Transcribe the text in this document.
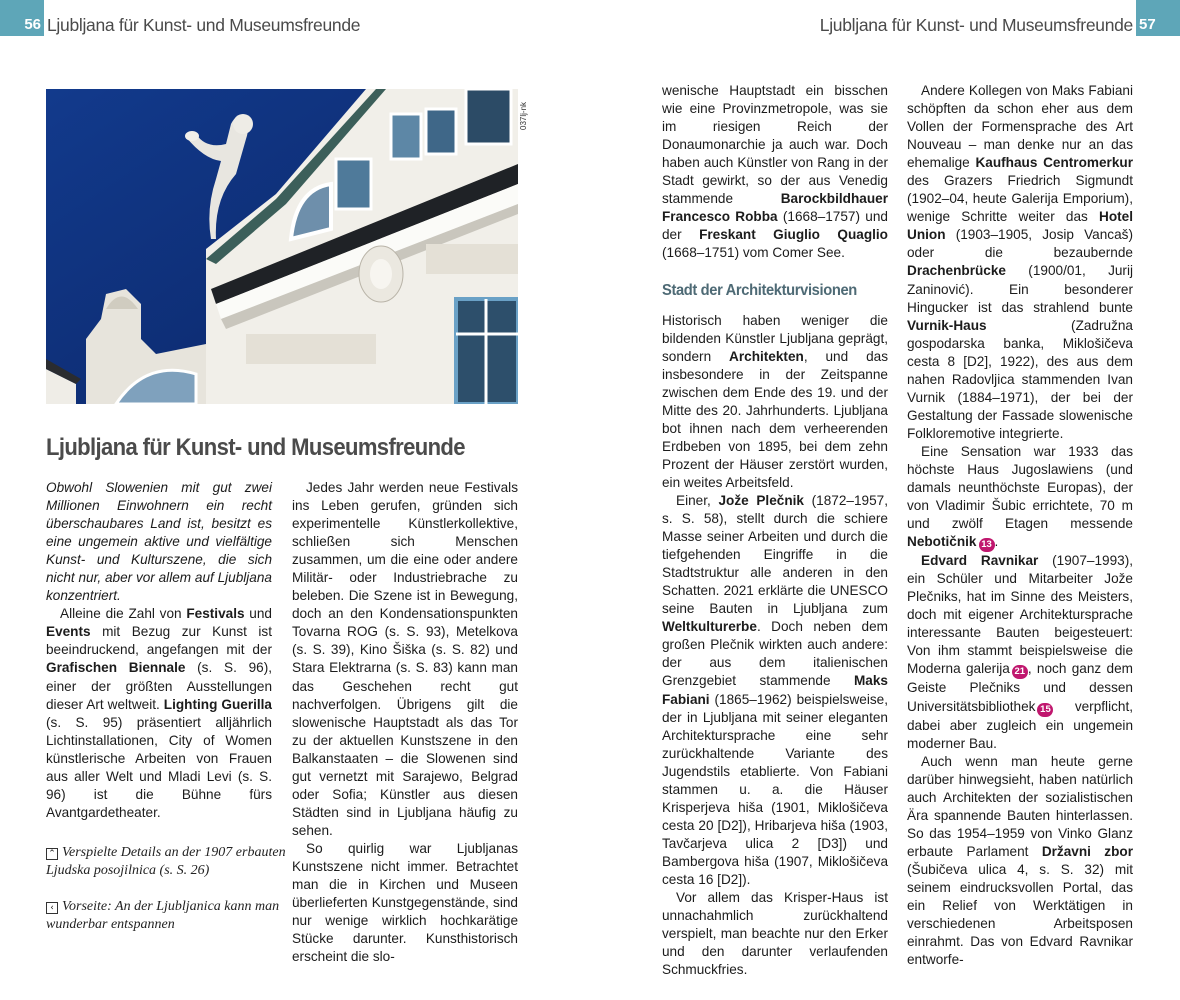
56 Ljubljana für Kunst- und Museumsfreunde
037lj-nk
Ljubljana für Kunst- und Museumsfreunde

Obwohl Slowenien mit gut zwei Millionen Einwohnern ein recht überschaubares Land ist, besitzt es eine ungemein aktive und vielfältige Kunst- und Kulturszene, die sich nicht nur, aber vor allem auf Ljubljana konzentriert.

Alleine die Zahl von Festivals und Events mit Bezug zur Kunst ist beeindruckend, angefangen mit der Grafischen Biennale (s. S. 96), einer der größten Ausstellungen dieser Art weltweit. Lighting Guerilla (s. S. 95) präsentiert alljährlich Lichtinstallationen, City of Women künstlerische Arbeiten von Frauen aus aller Welt und Mladi Levi (s. S. 96) ist die Bühne fürs Avantgardetheater.

⌃ Verspielte Details an der 1907 erbauten Ljudska posojilnica (s. S. 26)
‹ Vorseite: An der Ljubljanica kann man wunderbar entspannen

Jedes Jahr werden neue Festivals ins Leben gerufen, gründen sich experimentelle Künstlerkollektive, schließen sich Menschen zusammen, um die eine oder andere Militär- oder Industriebrache zu beleben. Die Szene ist in Bewegung, doch an den Kondensationspunkten Tovarna ROG (s. S. 93), Metelkova (s. S. 39), Kino Šiška (s. S. 82) und Stara Elektrarna (s. S. 83) kann man das Geschehen recht gut nachverfolgen. Übrigens gilt die slowenische Hauptstadt als das Tor zu der aktuellen Kunstszene in den Balkanstaaten – die Slowenen sind gut vernetzt mit Sarajewo, Belgrad oder Sofia; Künstler aus diesen Städten sind in Ljubljana häufig zu sehen.

So quirlig war Ljubljanas Kunstszene nicht immer. Betrachtet man die in Kirchen und Museen überlieferten Kunstgegenstände, sind nur wenige wirklich hochkarätige Stücke darunter. Kunsthistorisch erscheint die slo-

Ljubljana für Kunst- und Museumsfreunde 57

wenische Hauptstadt ein bisschen wie eine Provinzmetropole, was sie im riesigen Reich der Donaumonarchie ja auch war. Doch haben auch Künstler von Rang in der Stadt gewirkt, so der aus Venedig stammende Barockbildhauer Francesco Robba (1668–1757) und der Freskant Giuglio Quaglio (1668–1751) vom Comer See.

Stadt der Architekturvisionen

Historisch haben weniger die bildenden Künstler Ljubljana geprägt, sondern Architekten, und das insbesondere in der Zeitspanne zwischen dem Ende des 19. und der Mitte des 20. Jahrhunderts. Ljubljana bot ihnen nach dem verheerenden Erdbeben von 1895, bei dem zehn Prozent der Häuser zerstört wurden, ein weites Arbeitsfeld.

Einer, Jože Plečnik (1872–1957, s. S. 58), stellt durch die schiere Masse seiner Arbeiten und durch die tiefgehenden Eingriffe in die Stadtstruktur alle anderen in den Schatten. 2021 erklärte die UNESCO seine Bauten in Ljubljana zum Weltkulturerbe. Doch neben dem großen Plečnik wirkten auch andere: der aus dem italienischen Grenzgebiet stammende Maks Fabiani (1865–1962) beispielsweise, der in Ljubljana mit seiner eleganten Architektursprache eine sehr zurückhaltende Variante des Jugendstils etablierte. Von Fabiani stammen u. a. die Häuser Krisperjeva hiša (1901, Miklošičeva cesta 20 [D2]), Hribarjeva hiša (1903, Tavčarjeva ulica 2 [D3]) und Bambergova hiša (1907, Miklošičeva cesta 16 [D2]).

Vor allem das Krisper-Haus ist unnachahmlich zurückhaltend verspielt, man beachte nur den Erker und den darunter verlaufenden Schmuckfries.

Andere Kollegen von Maks Fabiani schöpften da schon eher aus dem Vollen der Formensprache des Art Nouveau – man denke nur an das ehemalige Kaufhaus Centromerkur des Grazers Friedrich Sigmundt (1902–04, heute Galerija Emporium), wenige Schritte weiter das Hotel Union (1903–1905, Josip Vancaš) oder die bezaubernde Drachenbrücke (1900/01, Jurij Zaninović). Ein besonderer Hingucker ist das strahlend bunte Vurnik-Haus (Zadružna gospodarska banka, Miklošičeva cesta 8 [D2], 1922), des aus dem nahen Radovljica stammenden Ivan Vurnik (1884–1971), der bei der Gestaltung der Fassade slowenische Folkloremotive integrierte.

Eine Sensation war 1933 das höchste Haus Jugoslawiens (und damals neunthöchste Europas), der von Vladimir Šubic errichtete, 70 m und zwölf Etagen messende Nebotičnik 13 .

Edvard Ravnikar (1907–1993), ein Schüler und Mitarbeiter Jože Plečniks, hat im Sinne des Meisters, doch mit eigener Architektursprache interessante Bauten beigesteuert: Von ihm stammt beispielsweise die Moderna galerija 21 , noch ganz dem Geiste Plečniks und dessen Universitätsbibliothek 15 verpflicht, dabei aber zugleich ein ungemein moderner Bau.

Auch wenn man heute gerne darüber hinwegsieht, haben natürlich auch Architekten der sozialistischen Ära spannende Bauten hinterlassen. So das 1954–1959 von Vinko Glanz erbaute Parlament Državni zbor (Šubičeva ulica 4, s. S. 32) mit seinem eindrucksvollen Portal, das ein Relief von Werktätigen in verschiedenen Arbeitsposen einrahmt. Das von Edvard Ravnikar entworfe-
